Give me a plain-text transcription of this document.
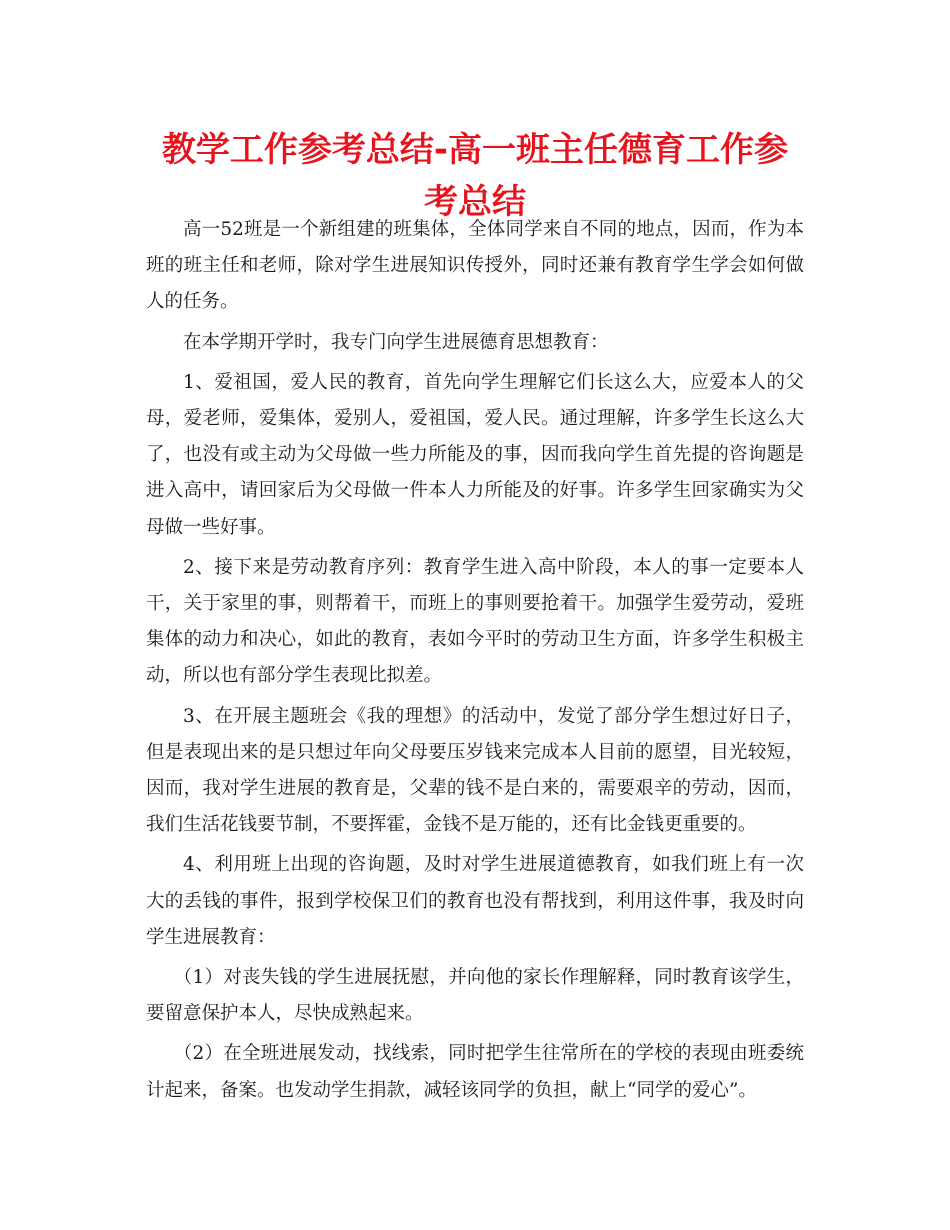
教学工作参考总结-高一班主任德育工作参考总结

高一52班是一个新组建的班集体，全体同学来自不同的地点，因而，作为本班的班主任和老师，除对学生进展知识传授外，同时还兼有教育学生学会如何做人的任务。

在本学期开学时，我专门向学生进展德育思想教育：

1、爱祖国，爱人民的教育，首先向学生理解它们长这么大，应爱本人的父母，爱老师，爱集体，爱别人，爱祖国，爱人民。通过理解，许多学生长这么大了，也没有或主动为父母做一些力所能及的事，因而我向学生首先提的咨询题是进入高中，请回家后为父母做一件本人力所能及的好事。许多学生回家确实为父母做一些好事。

2、接下来是劳动教育序列：教育学生进入高中阶段，本人的事一定要本人干，关于家里的事，则帮着干，而班上的事则要抢着干。加强学生爱劳动，爱班集体的动力和决心，如此的教育，表如今平时的劳动卫生方面，许多学生积极主动，所以也有部分学生表现比拟差。

3、在开展主题班会《我的理想》的活动中，发觉了部分学生想过好日子，但是表现出来的是只想过年向父母要压岁钱来完成本人目前的愿望，目光较短，因而，我对学生进展的教育是，父辈的钱不是白来的，需要艰辛的劳动，因而，我们生活花钱要节制，不要挥霍，金钱不是万能的，还有比金钱更重要的。

4、利用班上出现的咨询题，及时对学生进展道德教育，如我们班上有一次大的丢钱的事件，报到学校保卫们的教育也没有帮找到，利用这件事，我及时向学生进展教育：

（1）对丧失钱的学生进展抚慰，并向他的家长作理解释，同时教育该学生，要留意保护本人，尽快成熟起来。

（2）在全班进展发动，找线索，同时把学生往常所在的学校的表现由班委统计起来，备案。也发动学生捐款，减轻该同学的负担，献上“同学的爱心”。
